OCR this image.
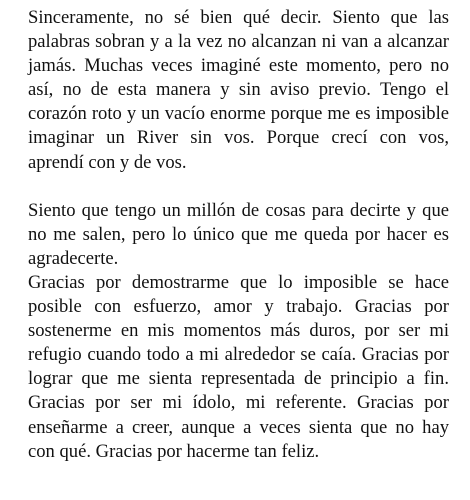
Sinceramente, no sé bien qué decir. Siento que las palabras sobran y a la vez no alcanzan ni van a alcanzar jamás. Muchas veces imaginé este momento, pero no así, no de esta manera y sin aviso previo. Tengo el corazón roto y un vacío enorme porque me es imposible imaginar un River sin vos. Porque crecí con vos, aprendí con y de vos.

Siento que tengo un millón de cosas para decirte y que no me salen, pero lo único que me queda por hacer es agradecerte.

Gracias por demostrarme que lo imposible se hace posible con esfuerzo, amor y trabajo. Gracias por sostenerme en mis momentos más duros, por ser mi refugio cuando todo a mi alrededor se caía. Gracias por lograr que me sienta representada de principio a fin. Gracias por ser mi ídolo, mi referente. Gracias por enseñarme a creer, aunque a veces sienta que no hay con qué. Gracias por hacerme tan feliz.
